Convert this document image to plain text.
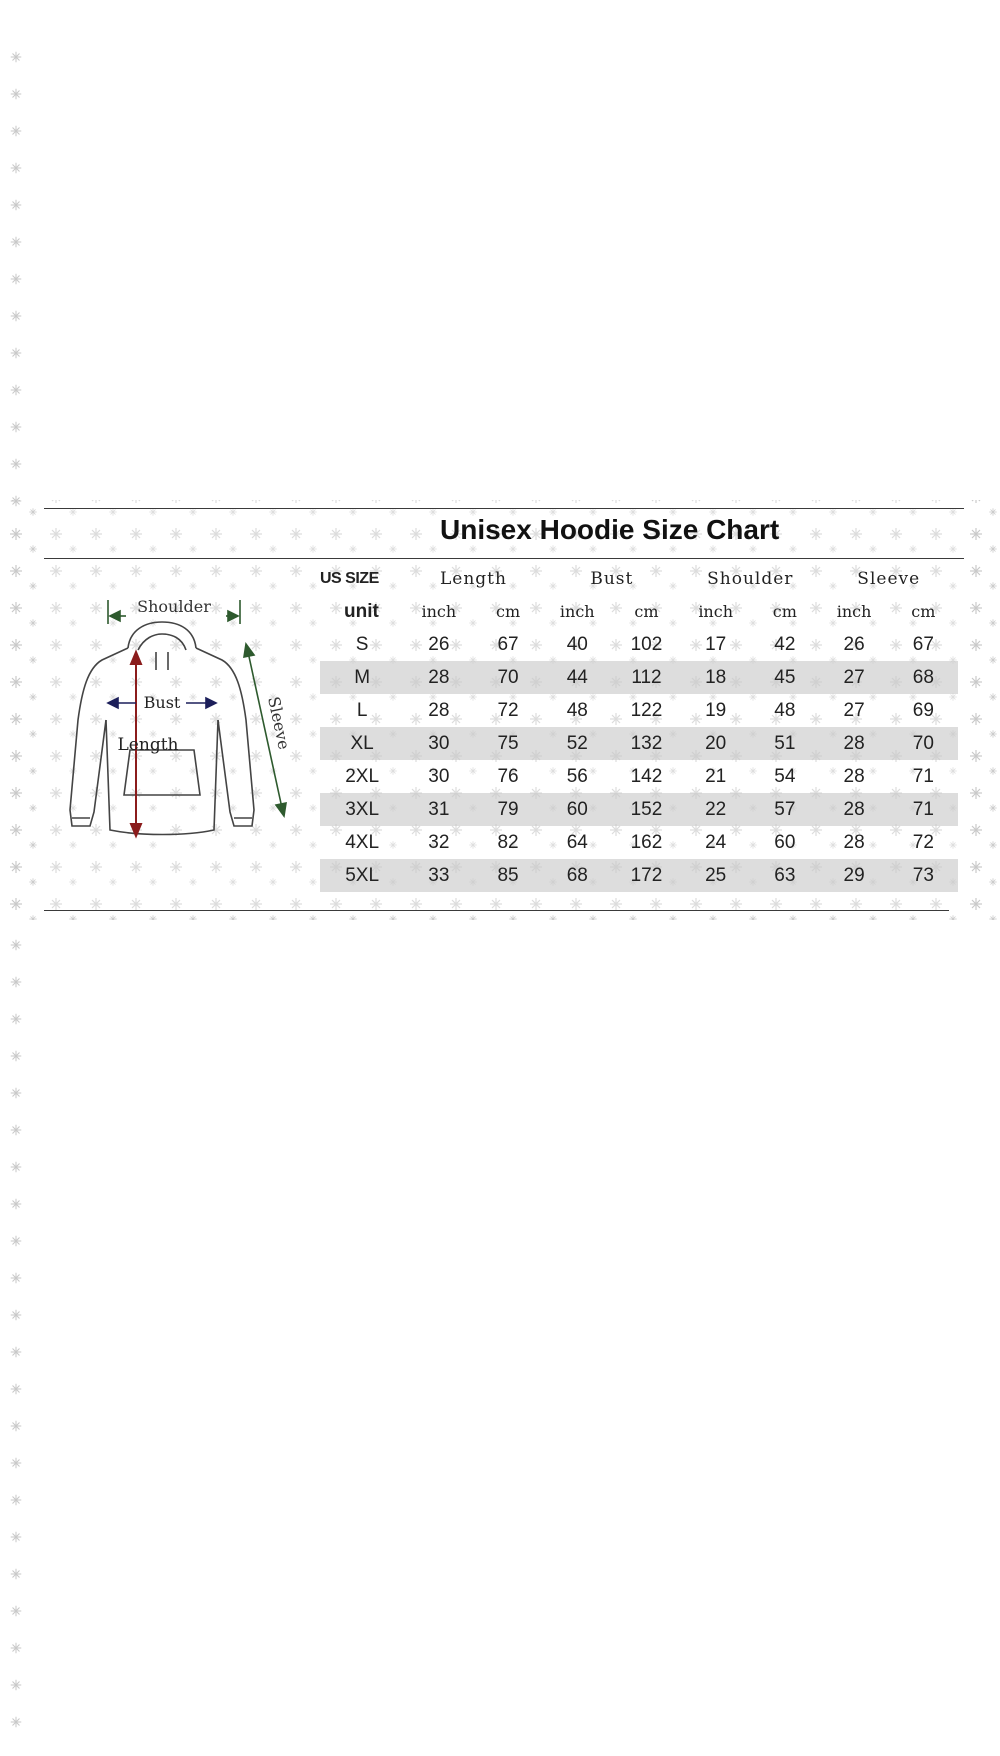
Unisex Hoodie Size Chart
Shoulder
Bust
Length	Sleeve
US SIZE	Length		Bust		Shoulder		Sleeve	
unit	inch	cm	inch	cm	inch	cm	inch	cm
S	26	67	40	102	17	42	26	67
M	28	70	44	112	18	45	27	68
L	28	72	48	122	19	48	27	69
XL	30	75	52	132	20	51	28	70
2XL	30	76	56	142	21	54	28	71
3XL	31	79	60	152	22	57	28	71
4XL	32	82	64	162	24	60	28	72
5XL	33	85	68	172	25	63	29	73
